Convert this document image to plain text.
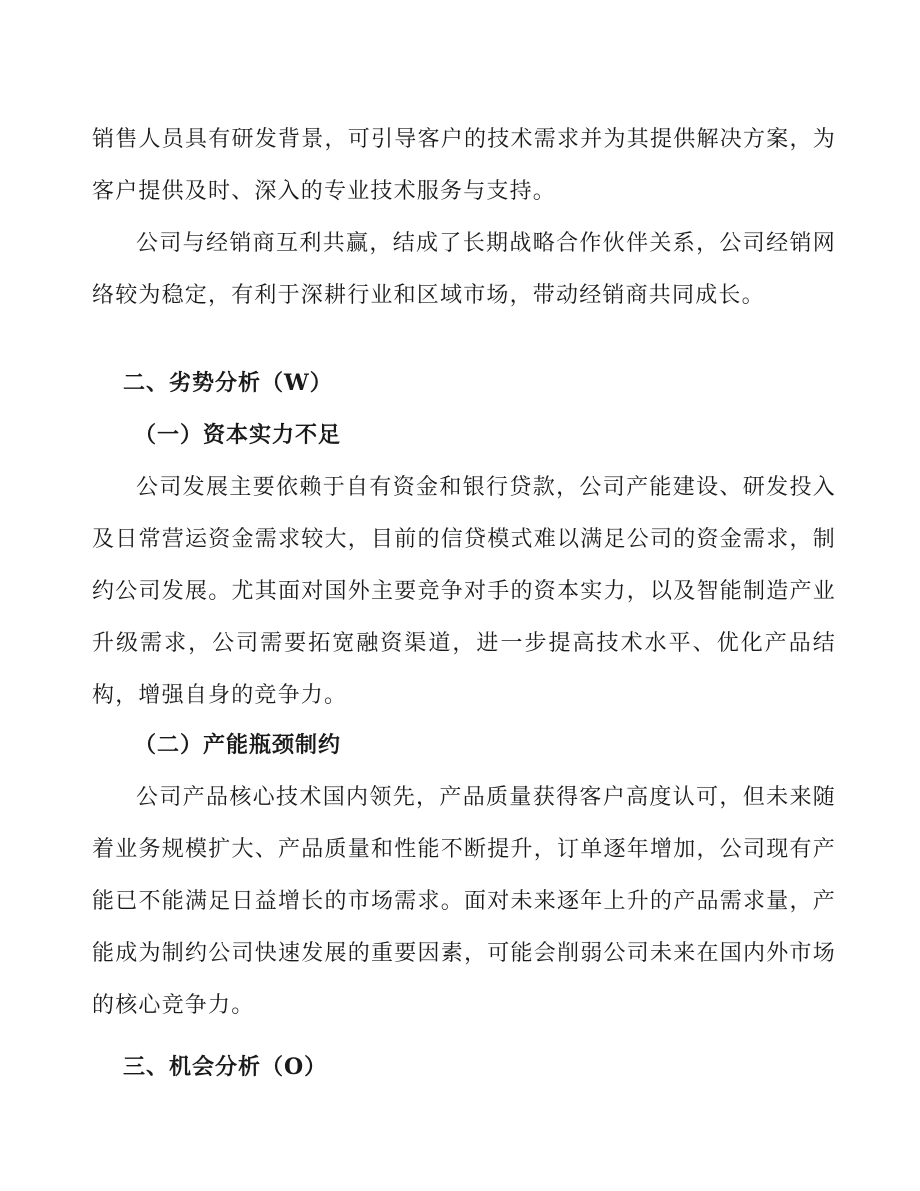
销售人员具有研发背景，可引导客户的技术需求并为其提供解决方案，为客户提供及时、深入的专业技术服务与支持。

公司与经销商互利共赢，结成了长期战略合作伙伴关系，公司经销网络较为稳定，有利于深耕行业和区域市场，带动经销商共同成长。

二、劣势分析（W）
（一）资本实力不足

公司发展主要依赖于自有资金和银行贷款，公司产能建设、研发投入及日常营运资金需求较大，目前的信贷模式难以满足公司的资金需求，制约公司发展。尤其面对国外主要竞争对手的资本实力，以及智能制造产业升级需求，公司需要拓宽融资渠道，进一步提高技术水平、优化产品结构，增强自身的竞争力。

（二）产能瓶颈制约

公司产品核心技术国内领先，产品质量获得客户高度认可，但未来随着业务规模扩大、产品质量和性能不断提升，订单逐年增加，公司现有产能已不能满足日益增长的市场需求。面对未来逐年上升的产品需求量，产能成为制约公司快速发展的重要因素，可能会削弱公司未来在国内外市场的核心竞争力。

三、机会分析（O）
